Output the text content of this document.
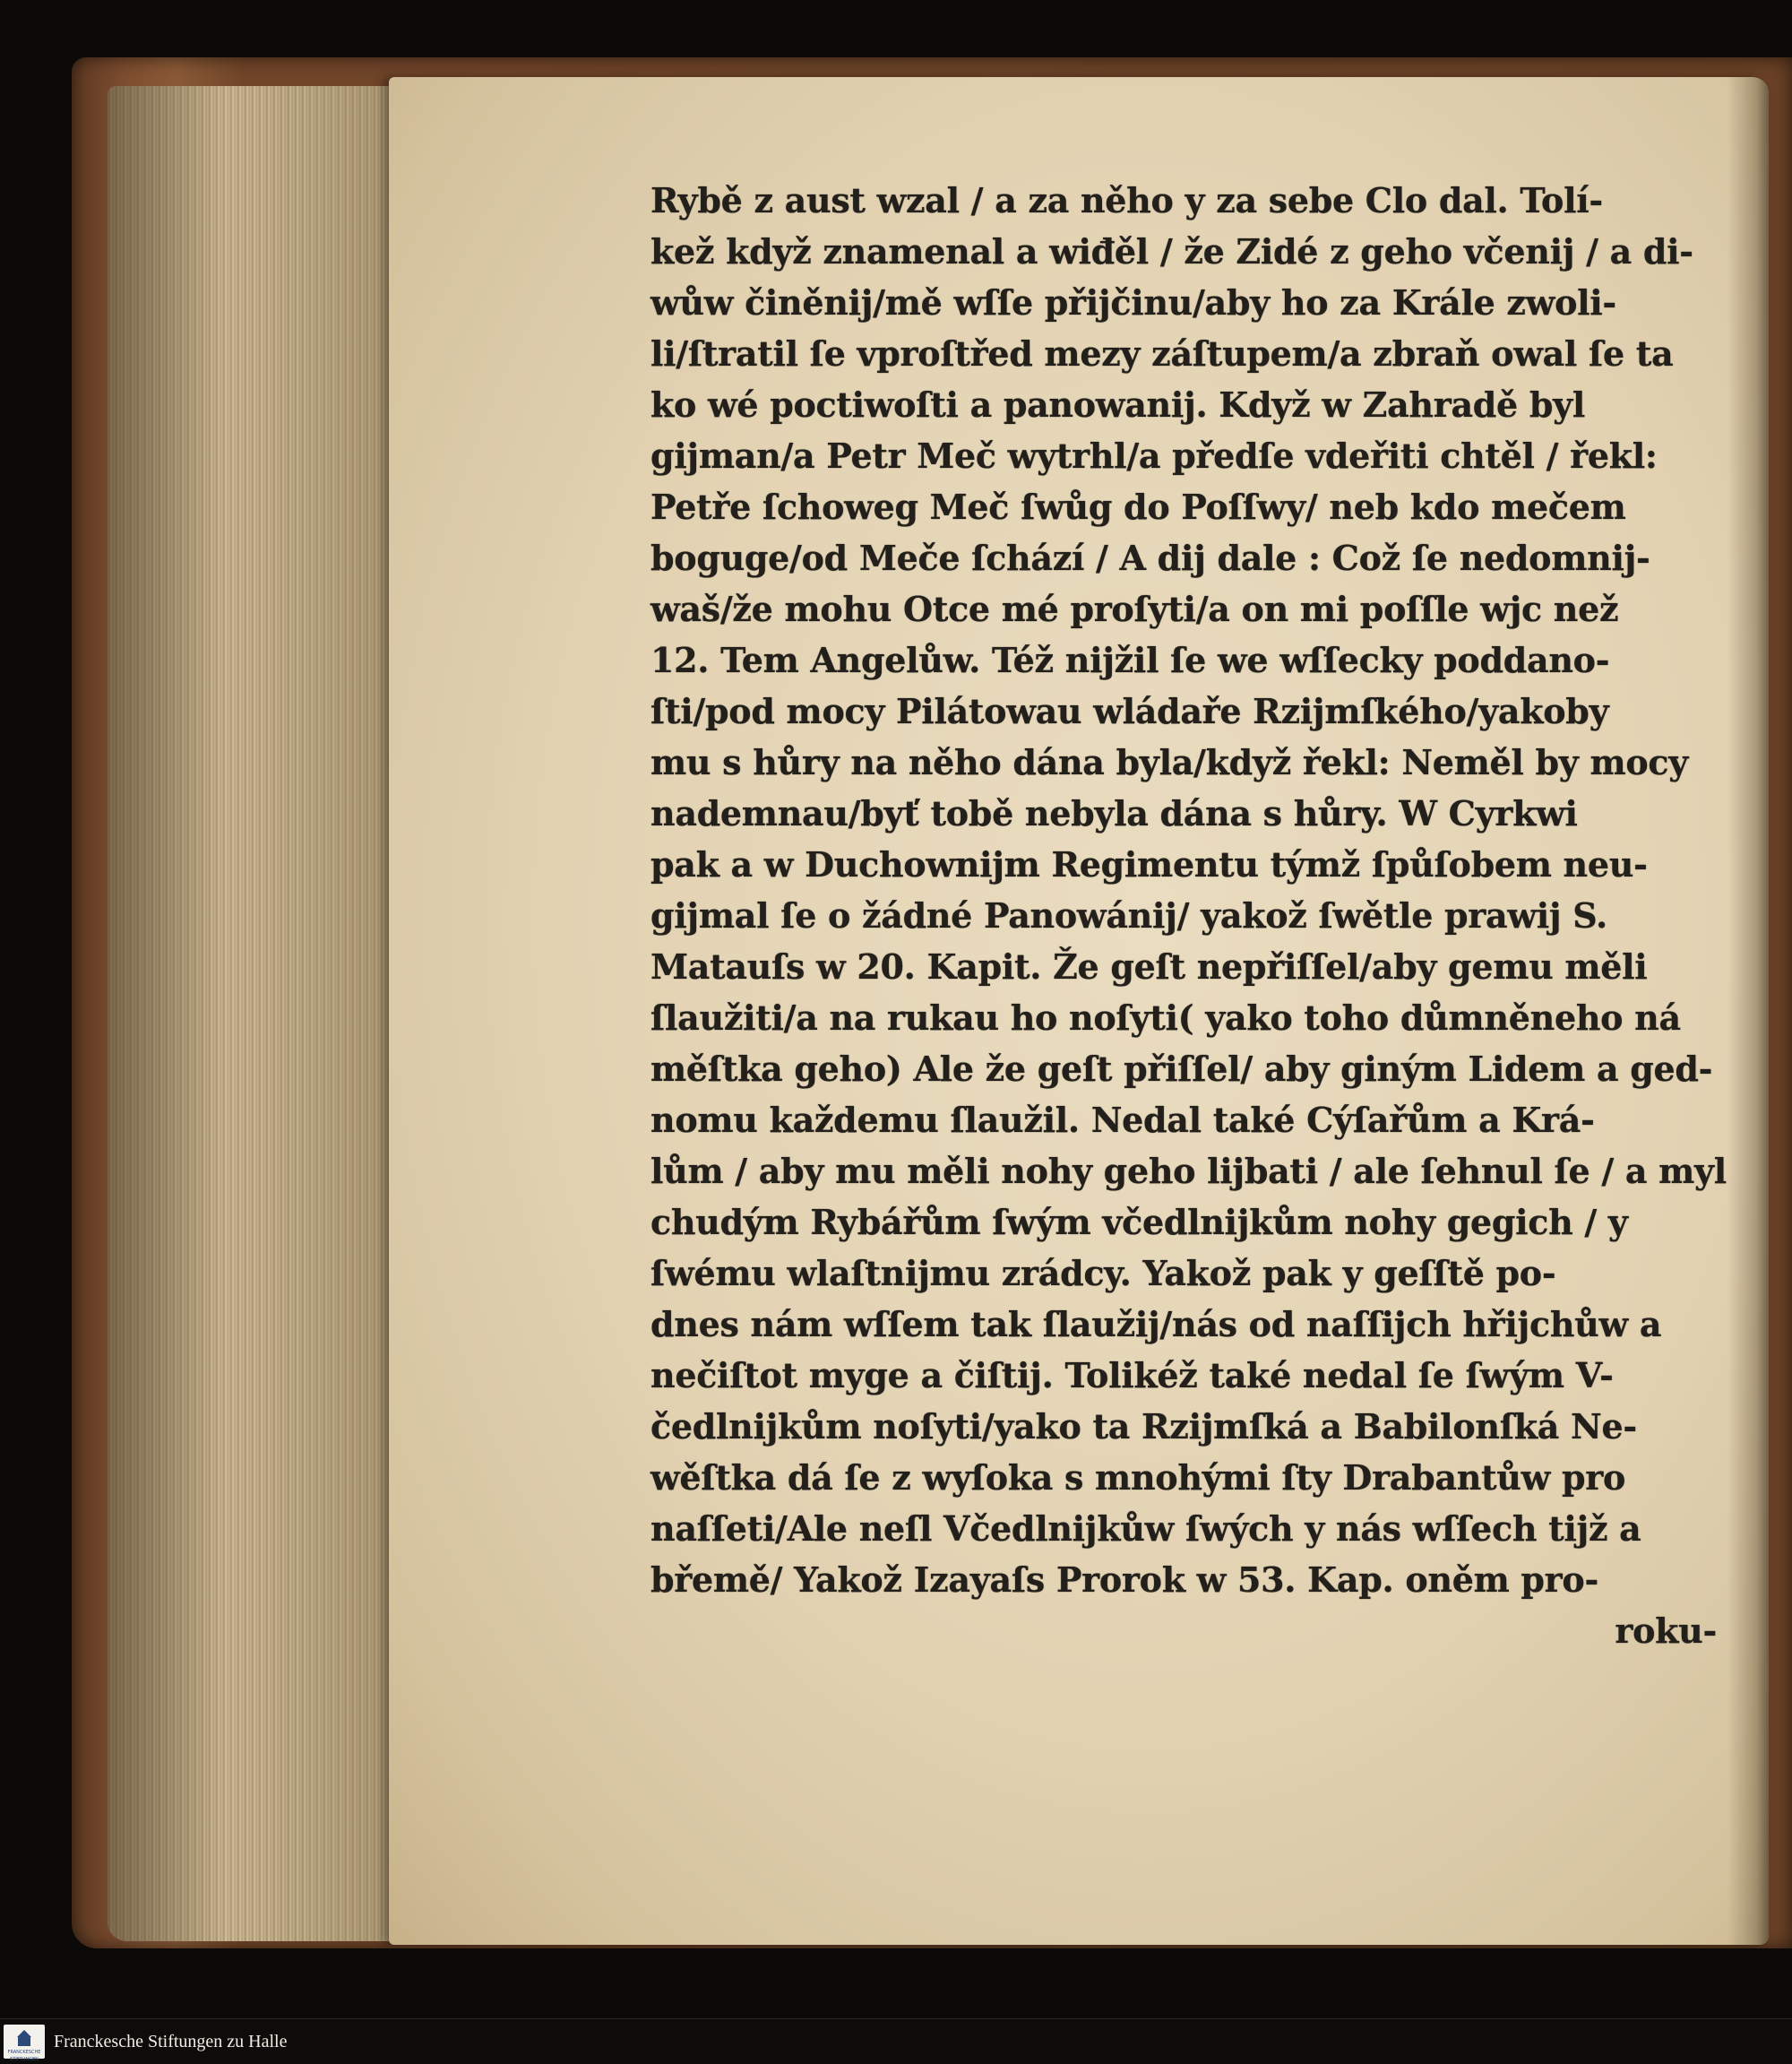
Rybě z aust wzal / a za něho y za sebe Clo dal. Tolí-
kež když znamenal a wiđěl / že Zidé z geho včenij / a di-
wůw činěnij/mě wſſe přijčinu/aby ho za Krále zwoli-
li/ſtratil ſe vproſtřed mezy záſtupem/a zbraň owal ſe ta
ko wé poctiwoſti a panowanij. Když w Zahradě byl
gijman/a Petr Meč wytrhl/a předſe vdeřiti chtěl / řekl:
Petře ſchoweg Meč ſwůg do Poſſwy/ neb kdo mečem
boguge/od Meče ſchází / A dij dale : Což ſe nedomnij-
waš/že mohu Otce mé proſyti/a on mi poſſle wjc než
12. Tem Angelůw. Též nijžil ſe we wſſecky poddano-
ſti/pod mocy Pilátowau wládaře Rzijmſkého/yakoby
mu s hůry na něho dána byla/když řekl: Neměl by mocy
nademnau/byť tobě nebyla dána s hůry. W Cyrkwi
pak a w Duchownijm Regimentu týmž ſpůſobem neu-
gijmal ſe o žádné Panowánij/ yakož ſwětle prawij S.
Matauſs w 20. Kapit. Že geſt nepřiſſel/aby gemu měli
ſlaužiti/a na rukau ho noſyti( yako toho důmněneho ná
měſtka geho) Ale že geſt přiſſel/ aby giným Lidem a ged-
nomu každemu ſlaužil. Nedal také Cýſařům a Krá-
lům / aby mu měli nohy geho lijbati / ale ſehnul ſe / a myl
chudým Rybářům ſwým včedlnijkům nohy gegich / y
ſwému wlaſtnijmu zrádcy. Yakož pak y geſſtě po-
dnes nám wſſem tak ſlaužij/nás od naſſijch hřijchůw a
nečiſtot myge a čiſtij. Tolikéž také nedal ſe ſwým V-
čedlnijkům noſyti/yako ta Rzijmſká a Babilonſká Ne-
wěſtka dá ſe z wyſoka s mnohými ſty Drabantůw pro
naſſeti/Ale neſl Včedlnijkůw ſwých y nás wſſech tijž a
břemě/ Yakož Izayaſs Prorok w 53. Kap. oněm pro-
roku-
FRANCKESCHE STIFTUNGEN
Franckesche Stiftungen zu Halle
